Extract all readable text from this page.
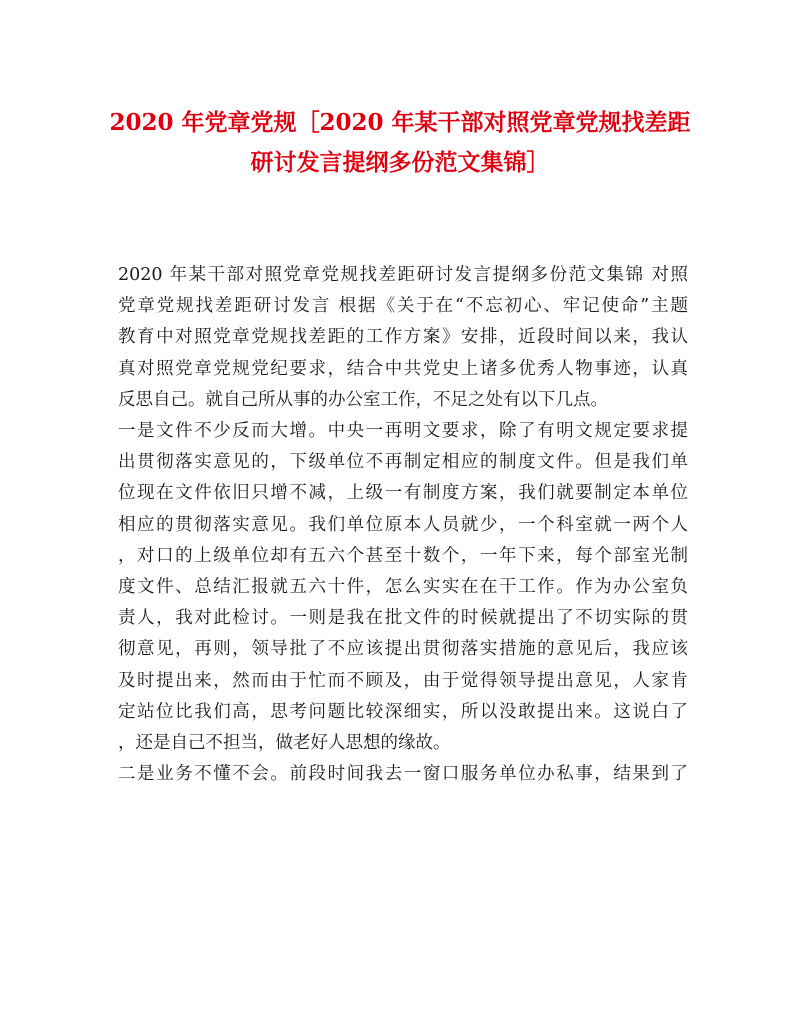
2020 年党章党规［2020 年某干部对照党章党规找差距
研讨发言提纲多份范文集锦］

2020 年某干部对照党章党规找差距研讨发言提纲多份范文集锦 对照
党章党规找差距研讨发言 根据《关于在“不忘初心、牢记使命”主题
教育中对照党章党规找差距的工作方案》安排，近段时间以来，我认
真对照党章党规党纪要求，结合中共党史上诸多优秀人物事迹，认真
反思自己。就自己所从事的办公室工作，不足之处有以下几点。

一是文件不少反而大增。中央一再明文要求，除了有明文规定要求提
出贯彻落实意见的，下级单位不再制定相应的制度文件。但是我们单
位现在文件依旧只增不减，上级一有制度方案，我们就要制定本单位
相应的贯彻落实意见。我们单位原本人员就少，一个科室就一两个人
，对口的上级单位却有五六个甚至十数个，一年下来，每个部室光制
度文件、总结汇报就五六十件，怎么实实在在干工作。作为办公室负
责人，我对此检讨。一则是我在批文件的时候就提出了不切实际的贯
彻意见，再则，领导批了不应该提出贯彻落实措施的意见后，我应该
及时提出来，然而由于忙而不顾及，由于觉得领导提出意见，人家肯
定站位比我们高，思考问题比较深细实，所以没敢提出来。这说白了
，还是自己不担当，做老好人思想的缘故。

二是业务不懂不会。前段时间我去一窗口服务单位办私事，结果到了
